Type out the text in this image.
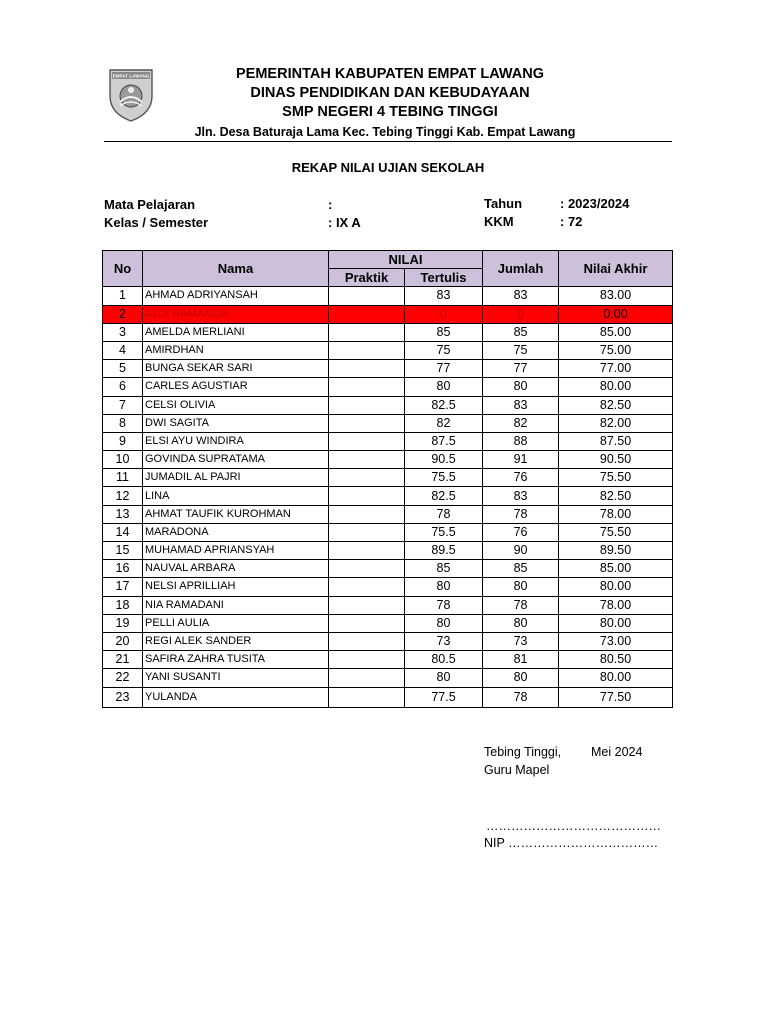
EMPAT LAWANG	PEMERINTAH KABUPATEN EMPAT LAWANG
DINAS PENDIDIKAN DAN KEBUDAYAAN
SMP NEGERI 4 TEBING TINGGI
Jln. Desa Baturaja Lama Kec. Tebing Tinggi Kab. Empat Lawang
REKAP NILAI UJIAN SEKOLAH
Mata Pelajaran	:
Kelas / Semester	: IX A
Tahun	: 2023/2024
KKM	: 72
No	Nama	NILAI		Jumlah	Nilai Akhir
		Praktik	Tertulis		
1	AHMAD ADRIYANSAH		83	83	83.00
2	ALDI RAMANDA		0	0	0.00
3	AMELDA MERLIANI		85	85	85.00
4	AMIRDHAN		75	75	75.00
5	BUNGA SEKAR SARI		77	77	77.00
6	CARLES AGUSTIAR		80	80	80.00
7	CELSI OLIVIA		82.5	83	82.50
8	DWI SAGITA		82	82	82.00
9	ELSI AYU WINDIRA		87.5	88	87.50
10	GOVINDA SUPRATAMA		90.5	91	90.50
11	JUMADIL AL PAJRI		75.5	76	75.50
12	LINA		82.5	83	82.50
13	AHMAT TAUFIK KUROHMAN		78	78	78.00
14	MARADONA		75.5	76	75.50
15	MUHAMAD APRIANSYAH		89.5	90	89.50
16	NAUVAL ARBARA		85	85	85.00
17	NELSI APRILLIAH		80	80	80.00
18	NIA RAMADANI		78	78	78.00
19	PELLI AULIA		80	80	80.00
20	REGI ALEK SANDER		73	73	73.00
21	SAFIRA ZAHRA TUSITA		80.5	81	80.50
22	YANI SUSANTI		80	80	80.00
23	YULANDA		77.5	78	77.50
Tebing Tinggi, Mei 2024
Guru Mapel
……………………………………
NIP ………………………………
